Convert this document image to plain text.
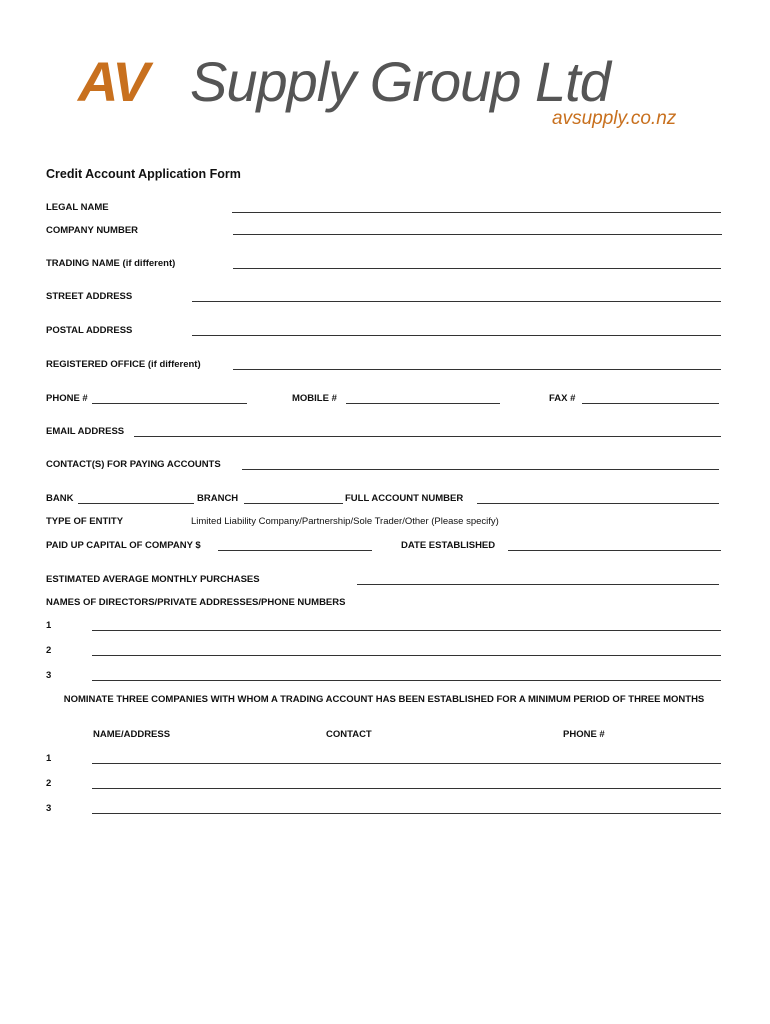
AV Supply Group Ltd
avsupply.co.nz
Credit Account Application Form
LEGAL NAME
COMPANY NUMBER
TRADING NAME (if different)
STREET ADDRESS
POSTAL ADDRESS
REGISTERED OFFICE (if different)
PHONE #	MOBILE #	FAX #
EMAIL ADDRESS
CONTACT(S) FOR PAYING ACCOUNTS
BANK	BRANCH	FULL ACCOUNT NUMBER
TYPE OF ENTITY	Limited Liability Company/Partnership/Sole Trader/Other (Please specify)
PAID UP CAPITAL OF COMPANY $	DATE ESTABLISHED
ESTIMATED AVERAGE MONTHLY PURCHASES
NAMES OF DIRECTORS/PRIVATE ADDRESSES/PHONE NUMBERS
1
2
3
NOMINATE THREE COMPANIES WITH WHOM A TRADING ACCOUNT HAS BEEN ESTABLISHED FOR A MINIMUM PERIOD OF THREE MONTHS
NAME/ADDRESS	CONTACT	PHONE #
1
2
3
